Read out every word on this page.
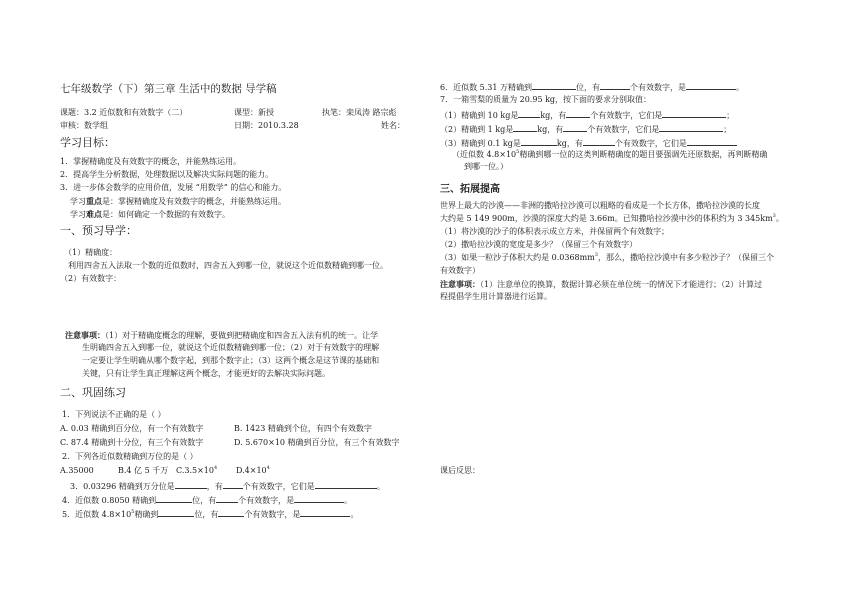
七年级数学（下）第三章 生活中的数据 导学稿
课题：3.2 近似数和有效数字（二）	课型：新授	执笔：栾凤涛 路宗彪
审核：数学组	日期：2010.3.28	姓名：
学习目标：
1．掌握精确度及有效数字的概念，并能熟练运用。
2．提高学生分析数据，处理数据以及解决实际问题的能力。
3．进一步体会数学的应用价值，发展 “用数学” 的信心和能力。
学习重点是：掌握精确度及有效数字的概念，并能熟练运用。
学习难点是：如何确定一个数据的有效数字。
一、预习导学：
（1）精确度：
利用四舍五入法取一个数的近似数时，四舍五入到哪一位，就说这个近似数精确到哪一位。
（2）有效数字：
注意事项：（1）对于精确度概念的理解，要做到把精确度和四舍五入法有机的统一。让学
生明确四舍五入到哪一位，就说这个近似数精确到哪一位；（2）对于有效数字的理解
一定要让学生明确从哪个数字起，到那个数字止；（3）这两个概念是这节课的基础和
关键，只有让学生真正理解这两个概念，才能更好的去解决实际问题。
二、巩固练习
1．下列说法不正确的是（ ）
A. 0.03 精确到百分位，有一个有效数字	B. 1423 精确到个位，有四个有效数字
C. 87.4 精确到十分位，有三个有效数字	D. 5.670×10 精确到百分位，有三个有效数字
2．下列各近似数精确到万位的是（ ）
A.35000	B.4 亿 5 千万 $C.3.5\times 10^4$ $D.4\times 10^4$
3．0.03296 精确到万分位是	，有	个有效数字，它们是	。
4．近似数 0.8050 精确到	位，有	个有效数字，是	。
5．近似数 $4.8\times 10^5$精确到	位，有	个有效数字，是	。
6．近似数 5.31 万精确到	位，有	个有效数字，是	。
7．一箱雪梨的质量为 20.95 kg，按下面的要求分别取值：
（1）精确到 10 kg是	kg，有	个有效数字，它们是	；
（2）精确到 1 kg是	kg，有	个有效数字，它们是	；
（3）精确到 0.1 kg是	kg，有	个有效数字，它们是
（近似数 $4.8\times 10^5$精确到哪一位的这类判断精确度的题目要强调先还原数据，再判断精确
到哪一位。）
三、拓展提高
世界上最大的沙漠——非洲的撒哈拉沙漠可以粗略的看成是一个长方体，撒哈拉沙漠的长度
大约是 5 149 900m，沙漠的深度大约是 3.66m。已知撒哈拉沙漠中沙的体积约为 3 $345km^3$。
（1）将沙漠的沙子的体积表示成立方米，并保留两个有效数字；
（2）撒哈拉沙漠的宽度是多少？（保留三个有效数字）
（3）如果一粒沙子体积大约是 $0.0368mm^3$，那么，撒哈拉沙漠中有多少粒沙子？（保留三个
有效数字）
注意事项：（1）注意单位的换算，数据计算必须在单位统一的情况下才能进行；（2）计算过
程提倡学生用计算器进行运算。
课后反思：
